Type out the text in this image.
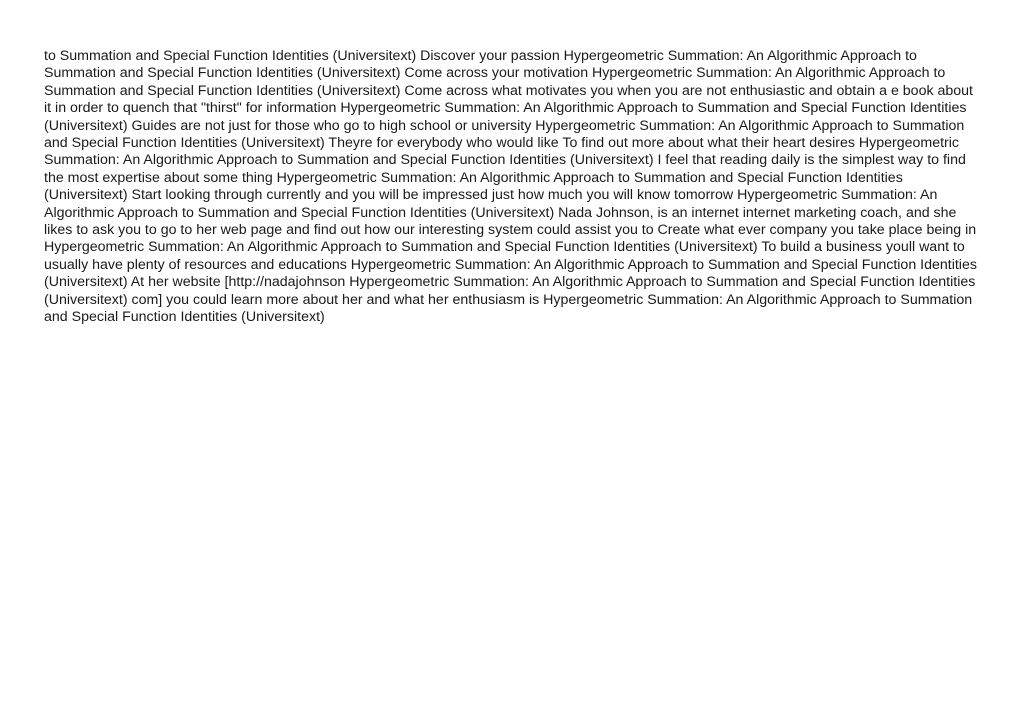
to Summation and Special Function Identities (Universitext) Discover your passion Hypergeometric Summation: An Algorithmic Approach to Summation and Special Function Identities (Universitext) Come across your motivation Hypergeometric Summation: An Algorithmic Approach to Summation and Special Function Identities (Universitext) Come across what motivates you when you are not enthusiastic and obtain a e book about it in order to quench that "thirst" for information Hypergeometric Summation: An Algorithmic Approach to Summation and Special Function Identities (Universitext) Guides are not just for those who go to high school or university Hypergeometric Summation: An Algorithmic Approach to Summation and Special Function Identities (Universitext) Theyre for everybody who would like To find out more about what their heart desires Hypergeometric Summation: An Algorithmic Approach to Summation and Special Function Identities (Universitext) I feel that reading daily is the simplest way to find the most expertise about some thing Hypergeometric Summation: An Algorithmic Approach to Summation and Special Function Identities (Universitext) Start looking through currently and you will be impressed just how much you will know tomorrow Hypergeometric Summation: An Algorithmic Approach to Summation and Special Function Identities (Universitext) Nada Johnson, is an internet internet marketing coach, and she likes to ask you to go to her web page and find out how our interesting system could assist you to Create what ever company you take place being in Hypergeometric Summation: An Algorithmic Approach to Summation and Special Function Identities (Universitext) To build a business youll want to usually have plenty of resources and educations Hypergeometric Summation: An Algorithmic Approach to Summation and Special Function Identities (Universitext) At her website [http://nadajohnson Hypergeometric Summation: An Algorithmic Approach to Summation and Special Function Identities (Universitext) com] you could learn more about her and what her enthusiasm is Hypergeometric Summation: An Algorithmic Approach to Summation and Special Function Identities (Universitext)
